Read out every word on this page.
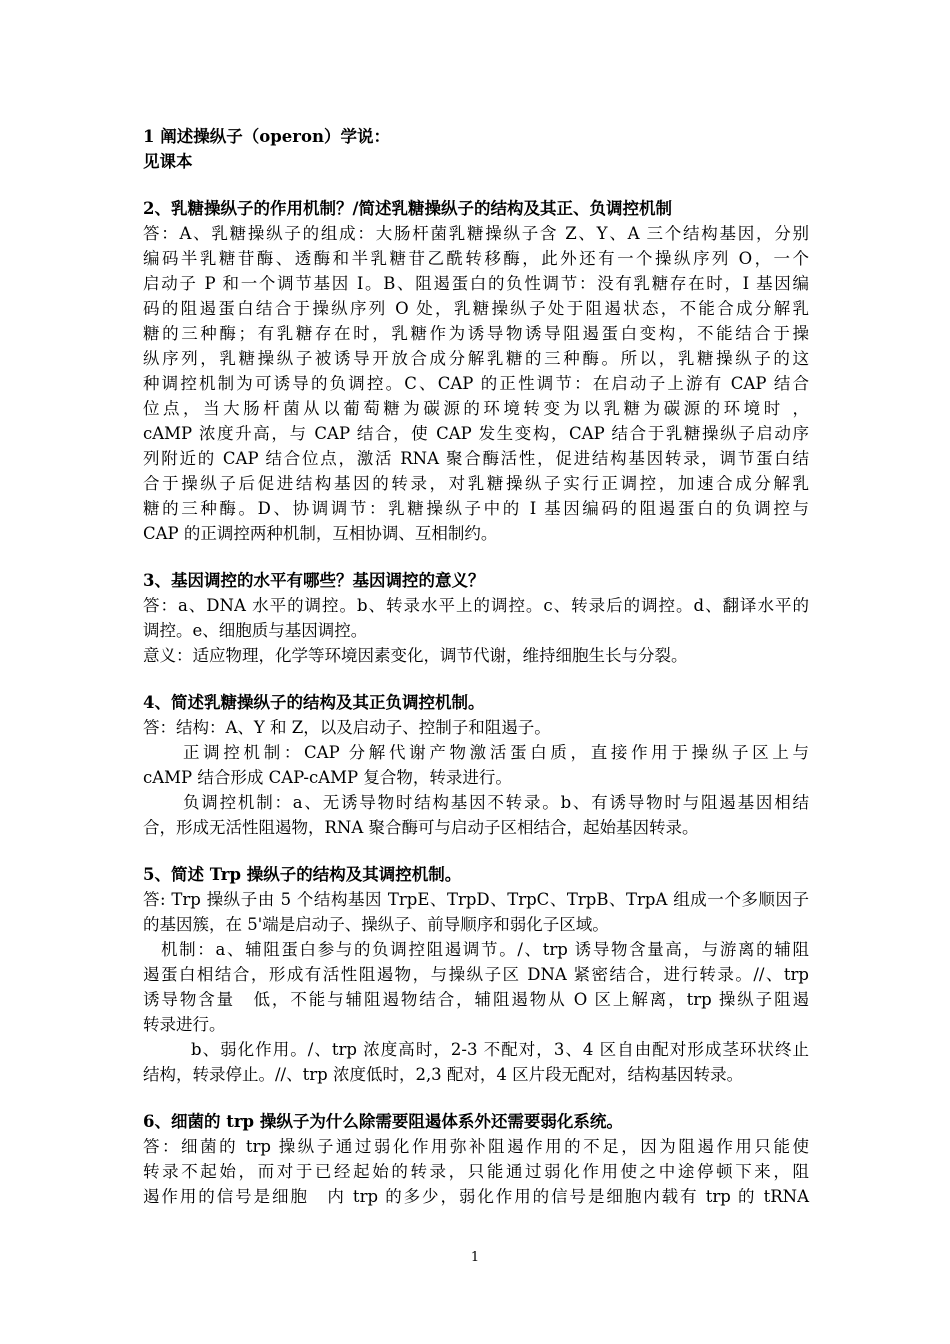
1 阐述操纵子（operon）学说：
见课本
2、乳糖操纵子的作用机制？/简述乳糖操纵子的结构及其正、负调控机制
答：A、乳糖操纵子的组成：大肠杆菌乳糖操纵子含 Z、Y、A 三个结构基因，分别
编码半乳糖苷酶、透酶和半乳糖苷乙酰转移酶，此外还有一个操纵序列 O，一个
启动子 P 和一个调节基因 I。B、阻遏蛋白的负性调节：没有乳糖存在时，I 基因编
码的阻遏蛋白结合于操纵序列 O 处，乳糖操纵子处于阻遏状态，不能合成分解乳
糖的三种酶；有乳糖存在时，乳糖作为诱导物诱导阻遏蛋白变构，不能结合于操
纵序列，乳糖操纵子被诱导开放合成分解乳糖的三种酶。所以，乳糖操纵子的这
种调控机制为可诱导的负调控。C、CAP 的正性调节：在启动子上游有 CAP 结合
位点，当大肠杆菌从以葡萄糖为碳源的环境转变为以乳糖为碳源的环境时 ，
cAMP 浓度升高，与 CAP 结合，使 CAP 发生变构，CAP 结合于乳糖操纵子启动序
列附近的 CAP 结合位点，激活 RNA 聚合酶活性，促进结构基因转录，调节蛋白结
合于操纵子后促进结构基因的转录，对乳糖操纵子实行正调控，加速合成分解乳
糖的三种酶。D、协调调节：乳糖操纵子中的 I 基因编码的阻遏蛋白的负调控与
CAP 的正调控两种机制，互相协调、互相制约。
3、基因调控的水平有哪些？基因调控的意义？
答：a、DNA 水平的调控。b、转录水平上的调控。c、转录后的调控。d、翻译水平的
调控。e、细胞质与基因调控。
意义：适应物理，化学等环境因素变化，调节代谢，维持细胞生长与分裂。
4、简述乳糖操纵子的结构及其正负调控机制。
答：结构：A、Y 和 Z，以及启动子、控制子和阻遏子。
正调控机制：CAP 分解代谢产物激活蛋白质，直接作用于操纵子区上与
cAMP 结合形成 CAP-cAMP 复合物，转录进行。
负调控机制：a、无诱导物时结构基因不转录。b、有诱导物时与阻遏基因相结
合，形成无活性阻遏物，RNA 聚合酶可与启动子区相结合，起始基因转录。
5、简述 Trp 操纵子的结构及其调控机制。
答: Trp 操纵子由 5 个结构基因 TrpE、TrpD、TrpC、TrpB、TrpA 组成一个多顺因子
的基因簇，在 5'端是启动子、操纵子、前导顺序和弱化子区域。
机制：a、辅阻蛋白参与的负调控阻遏调节。/、trp 诱导物含量高，与游离的辅阻
遏蛋白相结合，形成有活性阻遏物，与操纵子区 DNA 紧密结合，进行转录。//、trp
诱导物含量　低，不能与辅阻遏物结合，辅阻遏物从 O 区上解离，trp 操纵子阻遏
转录进行。
b、弱化作用。/、trp 浓度高时，2-3 不配对，3、4 区自由配对形成茎环状终止
结构，转录停止。//、trp 浓度低时，2,3 配对，4 区片段无配对，结构基因转录。
6、细菌的 trp 操纵子为什么除需要阻遏体系外还需要弱化系统。
答：细菌的 trp 操纵子通过弱化作用弥补阻遏作用的不足，因为阻遏作用只能使
转录不起始，而对于已经起始的转录，只能通过弱化作用使之中途停顿下来，阻
遏作用的信号是细胞　内 trp 的多少，弱化作用的信号是细胞内载有 trp 的 tRNA
1
